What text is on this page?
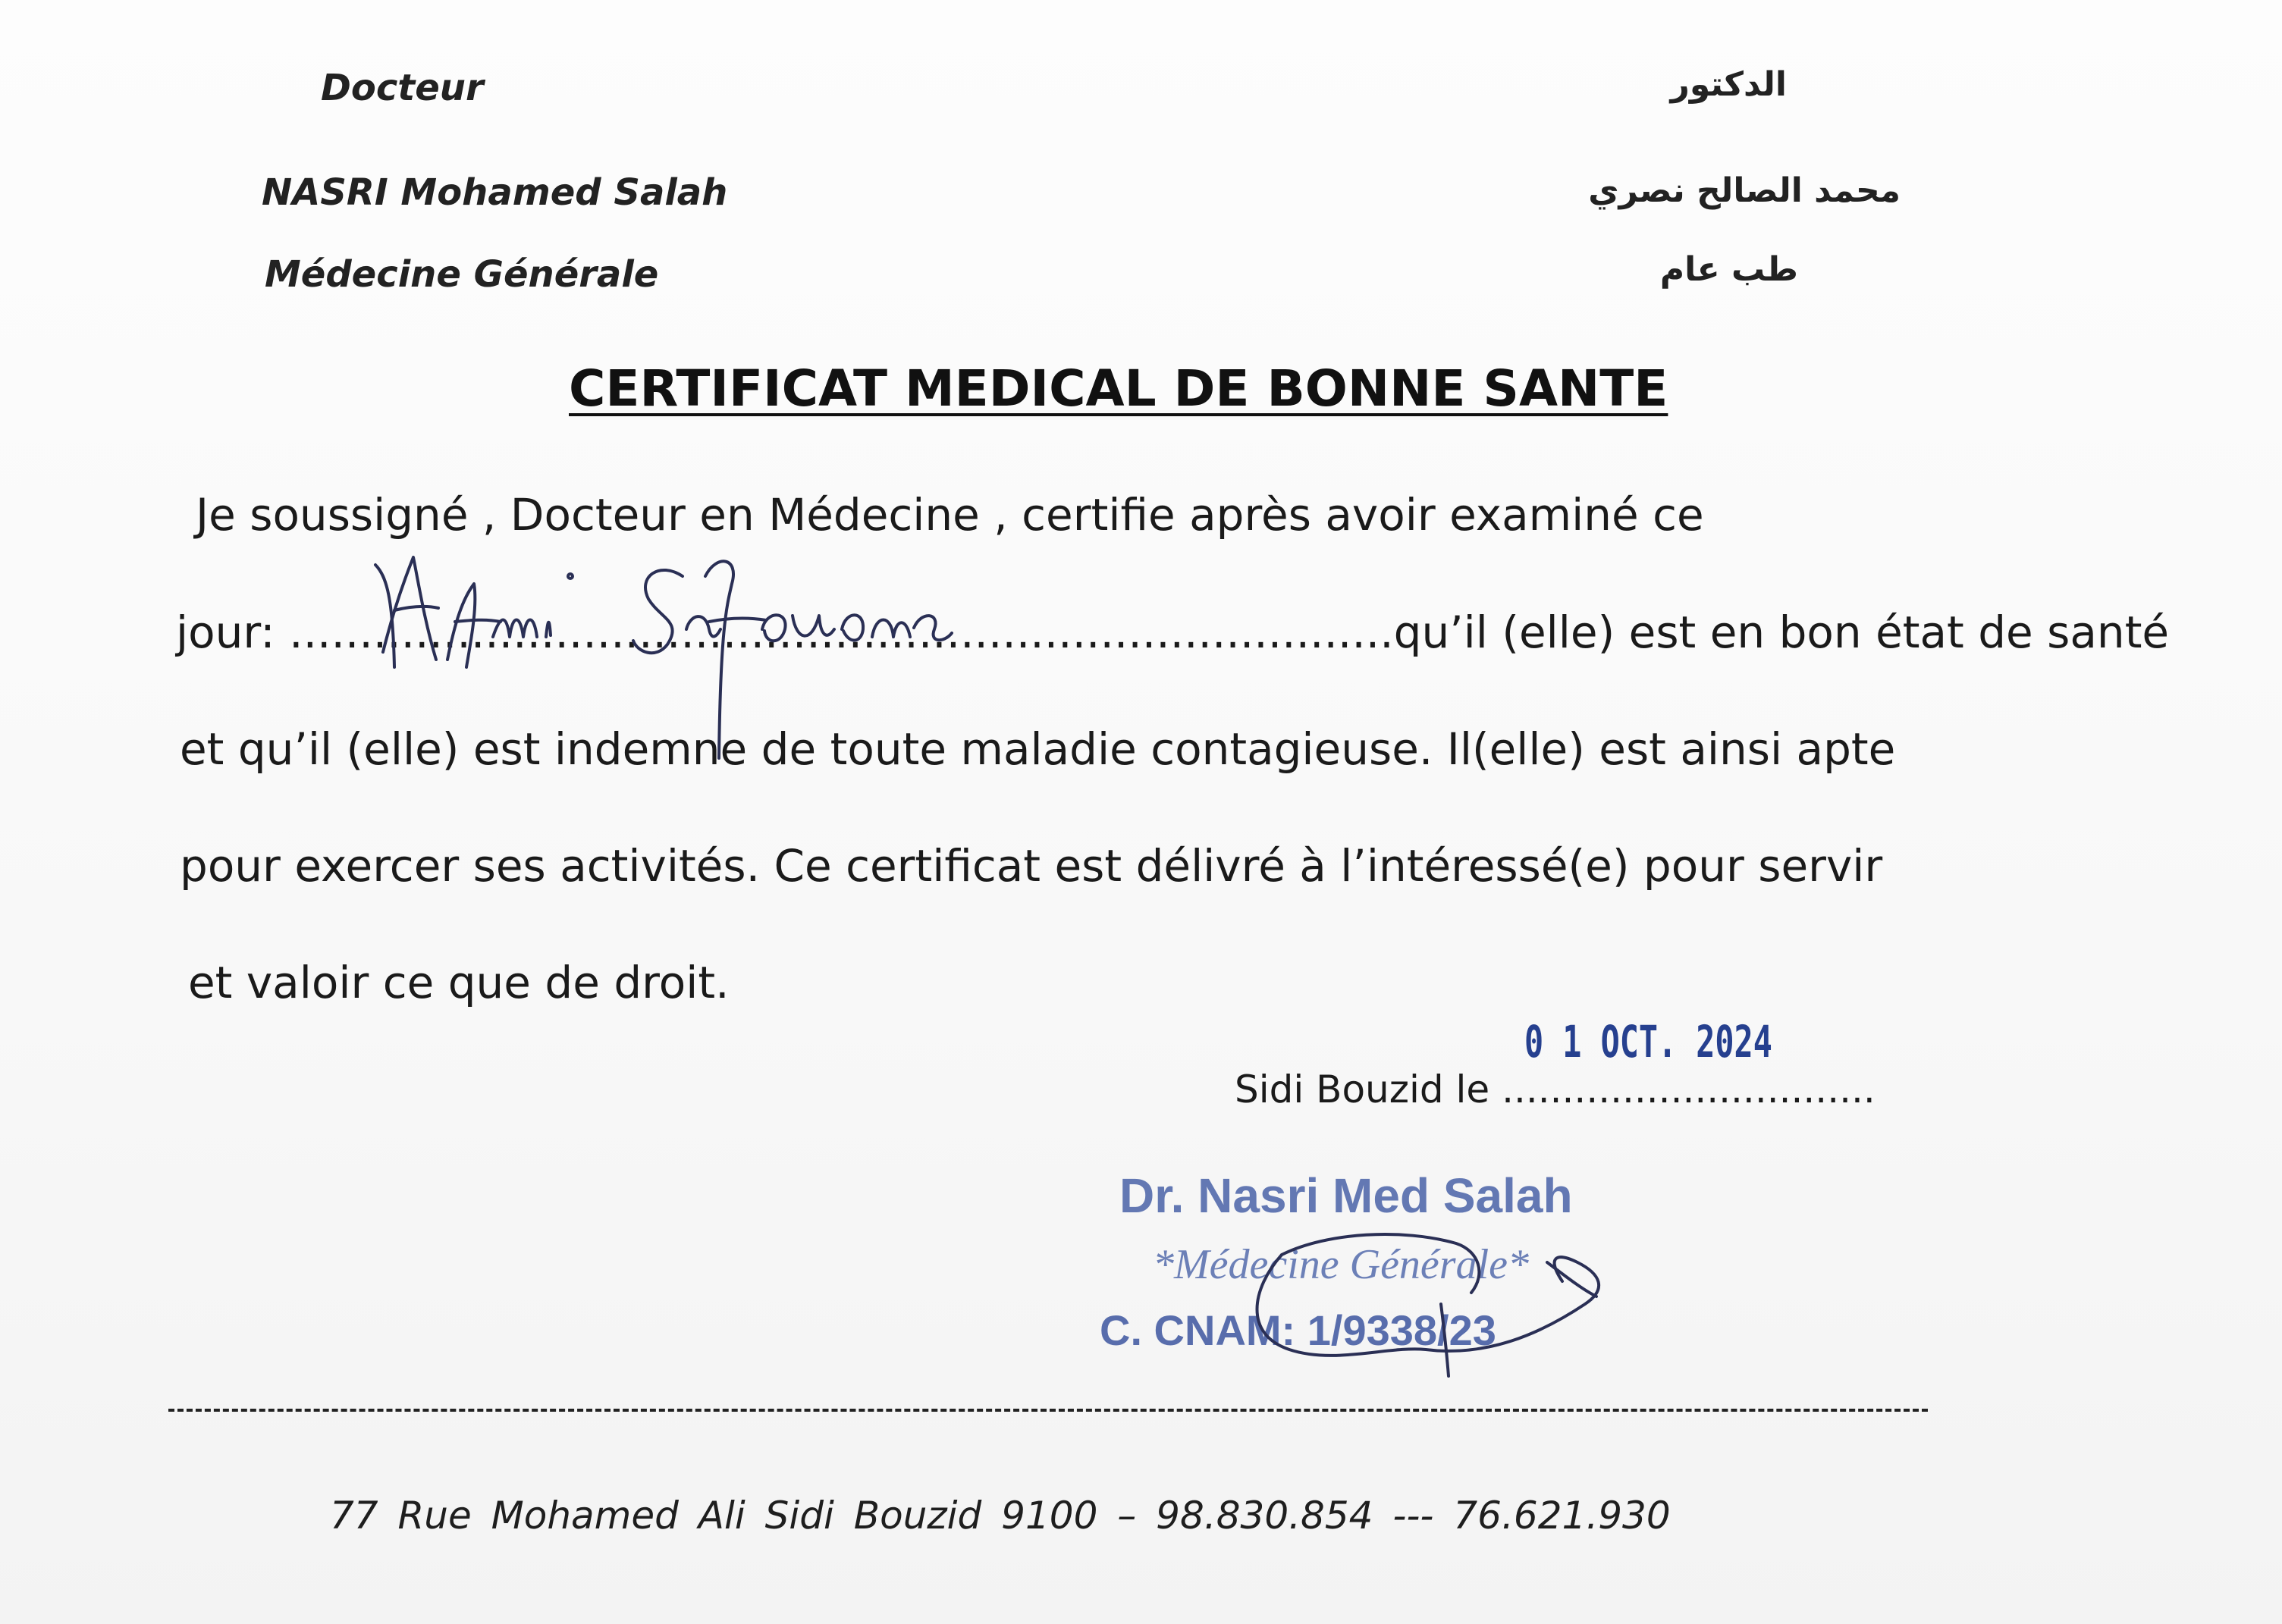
Docteur
NASRI Mohamed Salah
Médecine Générale
الدكتور
محمد الصالح نصري
طب عام
CERTIFICAT MEDICAL DE BONNE SANTE
Je soussigné , Docteur en Médecine , certifie après avoir examiné ce
jour: ...............................................................................qu’il (elle) est en bon état de santé
et qu’il (elle) est indemne de toute maladie contagieuse. Il(elle) est ainsi apte
pour exercer ses activités. Ce certificat est délivré à l’intéressé(e) pour servir
et valoir ce que de droit.
0 1 OCT. 2024
Sidi Bouzid le ...............................
Dr. Nasri Med Salah
*Médecine Générale*
C. CNAM: 1/9338/23
77 Rue Mohamed Ali Sidi Bouzid 9100 – 98.830.854 --- 76.621.930
